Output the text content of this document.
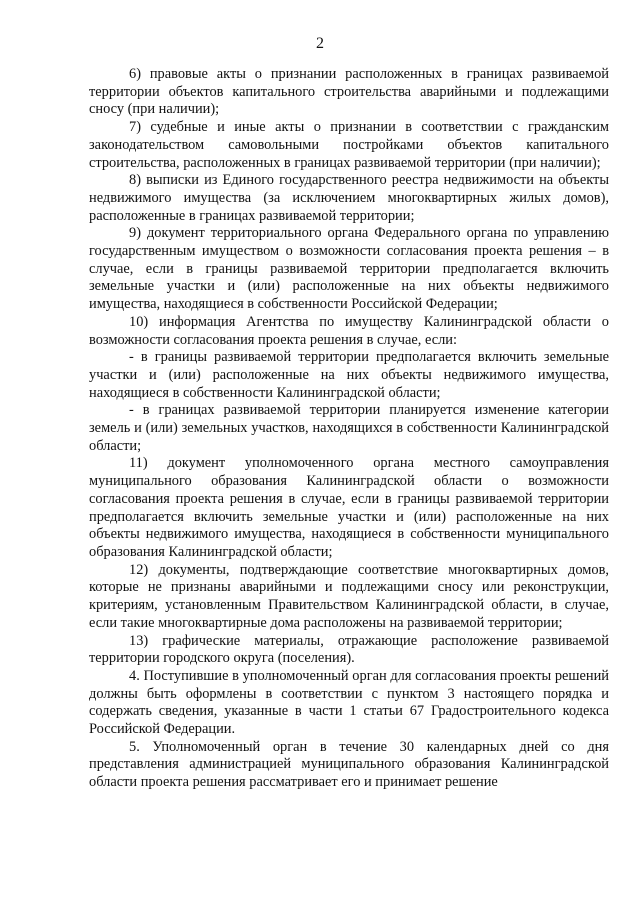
2

6) правовые акты о признании расположенных в границах развиваемой территории объектов капитального строительства аварийными и подлежащими сносу (при наличии);

7) судебные и иные акты о признании в соответствии с гражданским законодательством самовольными постройками объектов капитального строительства, расположенных в границах развиваемой территории (при наличии);

8) выписки из Единого государственного реестра недвижимости на объекты недвижимого имущества (за исключением многоквартирных жилых домов), расположенные в границах развиваемой территории;

9) документ территориального органа Федерального органа по управлению государственным имуществом о возможности согласования проекта решения – в случае, если в границы развиваемой территории предполагается включить земельные участки и (или) расположенные на них объекты недвижимого имущества, находящиеся в собственности Российской Федерации;

10) информация Агентства по имуществу Калининградской области о возможности согласования проекта решения в случае, если:

- в границы развиваемой территории предполагается включить земельные участки и (или) расположенные на них объекты недвижимого имущества, находящиеся в собственности Калининградской области;

- в границах развиваемой территории планируется изменение категории земель и (или) земельных участков, находящихся в собственности Калининградской области;

11) документ уполномоченного органа местного самоуправления муниципального образования Калининградской области о возможности согласования проекта решения в случае, если в границы развиваемой территории предполагается включить земельные участки и (или) расположенные на них объекты недвижимого имущества, находящиеся в собственности муниципального образования Калининградской области;

12) документы, подтверждающие соответствие многоквартирных домов, которые не признаны аварийными и подлежащими сносу или реконструкции, критериям, установленным Правительством Калининградской области, в случае, если такие многоквартирные дома расположены на развиваемой территории;

13) графические материалы, отражающие расположение развиваемой территории городского округа (поселения).

4. Поступившие в уполномоченный орган для согласования проекты решений должны быть оформлены в соответствии с пунктом 3 настоящего порядка и содержать сведения, указанные в части 1 статьи 67 Градостроительного кодекса Российской Федерации.

5. Уполномоченный орган в течение 30 календарных дней со дня представления администрацией муниципального образования Калининградской области проекта решения рассматривает его и принимает решение
